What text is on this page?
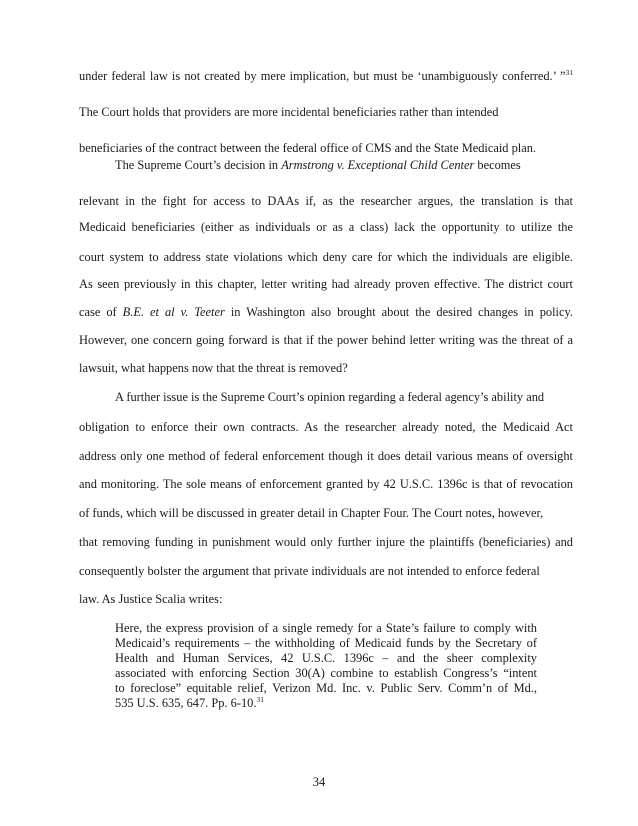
under federal law is not created by mere implication, but must be ‘unambiguously conferred.’ ”$^{31}$
The Court holds that providers are more incidental beneficiaries rather than intended
beneficiaries of the contract between the federal office of CMS and the State Medicaid plan.
The Supreme Court’s decision in Armstrong v. Exceptional Child Center becomes
relevant in the fight for access to DAAs if, as the researcher argues, the translation is that
Medicaid beneficiaries (either as individuals or as a class) lack the opportunity to utilize the
court system to address state violations which deny care for which the individuals are eligible.
As seen previously in this chapter, letter writing had already proven effective. The district court
case of B.E. et al v. Teeter in Washington also brought about the desired changes in policy.
However, one concern going forward is that if the power behind letter writing was the threat of a
lawsuit, what happens now that the threat is removed?
A further issue is the Supreme Court’s opinion regarding a federal agency’s ability and
obligation to enforce their own contracts. As the researcher already noted, the Medicaid Act
address only one method of federal enforcement though it does detail various means of oversight
and monitoring. The sole means of enforcement granted by 42 U.S.C. 1396c is that of revocation
of funds, which will be discussed in greater detail in Chapter Four. The Court notes, however,
that removing funding in punishment would only further injure the plaintiffs (beneficiaries) and
consequently bolster the argument that private individuals are not intended to enforce federal
law. As Justice Scalia writes:
Here, the express provision of a single remedy for a State’s failure to comply with
Medicaid’s requirements – the withholding of Medicaid funds by the Secretary of
Health and Human Services, 42 U.S.C. 1396c – and the sheer complexity
associated with enforcing Section 30(A) combine to establish Congress’s “intent
to foreclose” equitable relief, Verizon Md. Inc. v. Public Serv. Comm’n of Md.,
535 U.S. 635, 647. Pp. 6-10.31
34
